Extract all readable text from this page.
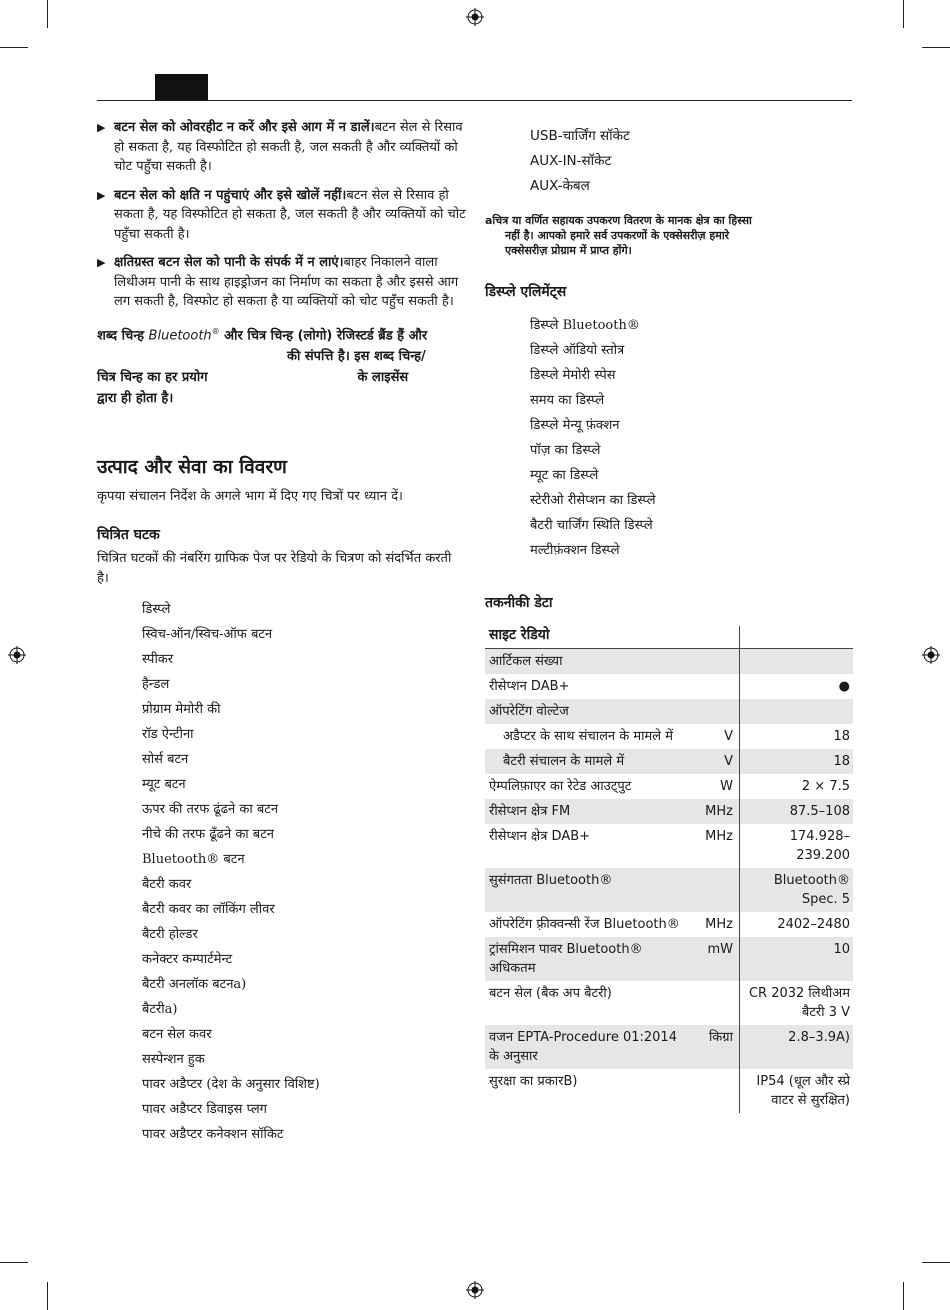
▶ बटन सेल को ओवरहीट न करें और इसे आग में न डालें।बटन सेल से रिसाव हो सकता है, यह विस्फोटित हो सकती है, जल सकती है और व्यक्तियों को चोट पहुँचा सकती है।
▶ बटन सेल को क्षति न पहुंचाएं और इसे खोलें नहीं।बटन सेल से रिसाव हो सकता है, यह विस्फोटित हो सकता है, जल सकती है और व्यक्तियों को चोट पहुँचा सकती है।
▶ क्षतिग्रस्त बटन सेल को पानी के संपर्क में न लाएं।बाहर निकालने वाला लिथीअम पानी के साथ हाइड्रोजन का निर्माण का सकता है और इससे आग लग सकती है, विस्फोट हो सकता है या व्यक्तियों को चोट पहुँच सकती है।
शब्द चिन्ह Bluetooth® और चित्र चिन्ह (लोगो) रेजिस्टर्ड ब्रैंड हैं और
की संपत्ति है। इस शब्द चिन्ह/
चित्र चिन्ह का हर प्रयोग	के लाइसेंस
द्वारा ही होता है।
उत्पाद और सेवा का विवरण
कृपया संचालन निर्देश के अगले भाग में दिए गए चित्रों पर ध्यान दें।
चित्रित घटक
चित्रित घटकों की नंबरिंग ग्राफिक पेज पर रेडियो के चित्रण को संदर्भित करती है।
डिस्प्ले
स्विच-ऑन/स्विच-ऑफ बटन
स्पीकर
हैन्डल
प्रोग्राम मेमोरी की
रॉड ऐन्टीना
सोर्स बटन
म्यूट बटन
ऊपर की तरफ ढूंढने का बटन
नीचे की तरफ ढूँढने का बटन
Bluetooth® बटन
बैटरी कवर
बैटरी कवर का लॉकिंग लीवर
बैटरी होल्डर
कनेक्टर कम्पार्टमेन्ट
बैटरी अनलॉक बटनa)
बैटरीa)
बटन सेल कवर
सस्पेन्शन हुक
पावर अडैप्टर (देश के अनुसार विशिष्ट)
पावर अडैप्टर डिवाइस प्लग
पावर अडैप्टर कनेक्शन सॉकिट
USB-चार्जिंग सॉकेट
AUX-IN-सॉकेट
AUX-केबल
aचित्र या वर्णित सहायक उपकरण वितरण के मानक क्षेत्र का हिस्सा
नहीं है। आपको हमारे सर्व उपकरणों के एक्सेसरीज़ हमारे
एक्सेसरीज़ प्रोग्राम में प्राप्त होंगे।
डिस्प्ले एलिमेंट्स
डिस्प्ले Bluetooth®
डिस्प्ले ऑडियो स्तोत्र
डिस्प्ले मेमोरी स्पेस
समय का डिस्प्ले
डिस्प्ले मेन्यू फ़ंक्शन
पॉज़ का डिस्प्ले
म्यूट का डिस्प्ले
स्टेरीओ रीसेप्शन का डिस्प्ले
बैटरी चार्जिंग स्थिति डिस्प्ले
मल्टीफ़ंक्शन डिस्प्ले
तकनीकी डेटा
साइट रेडियो		
आर्टिकल संख्या		
रीसेप्शन DAB+		●
ऑपरेटिंग वोल्टेज		
अडैप्टर के साथ संचालन के मामले में	V	18
बैटरी संचालन के मामले में	V	18
ऐम्पलिफ़ाएर का रेटेड आउट्पुट	W	2 × 7.5
रीसेप्शन क्षेत्र FM	MHz	87.5–108
रीसेप्शन क्षेत्र DAB+	MHz	174.928–239.200
सुसंगतता Bluetooth®		Bluetooth® Spec. 5
ऑपरेटिंग फ़्रीक्वन्सी रेंज Bluetooth®	MHz	2402–2480
ट्रांसमिशन पावर Bluetooth® अधिकतम	mW	10
बटन सेल (बैक अप बैटरी)		CR 2032 लिथीअम बैटरी 3 V
वजन EPTA-Procedure 01:2014 के अनुसार	किग्रा	2.8–3.9A)
सुरक्षा का प्रकारB)		IP54 (धूल और स्प्रे वाटर से सुरक्षित)
